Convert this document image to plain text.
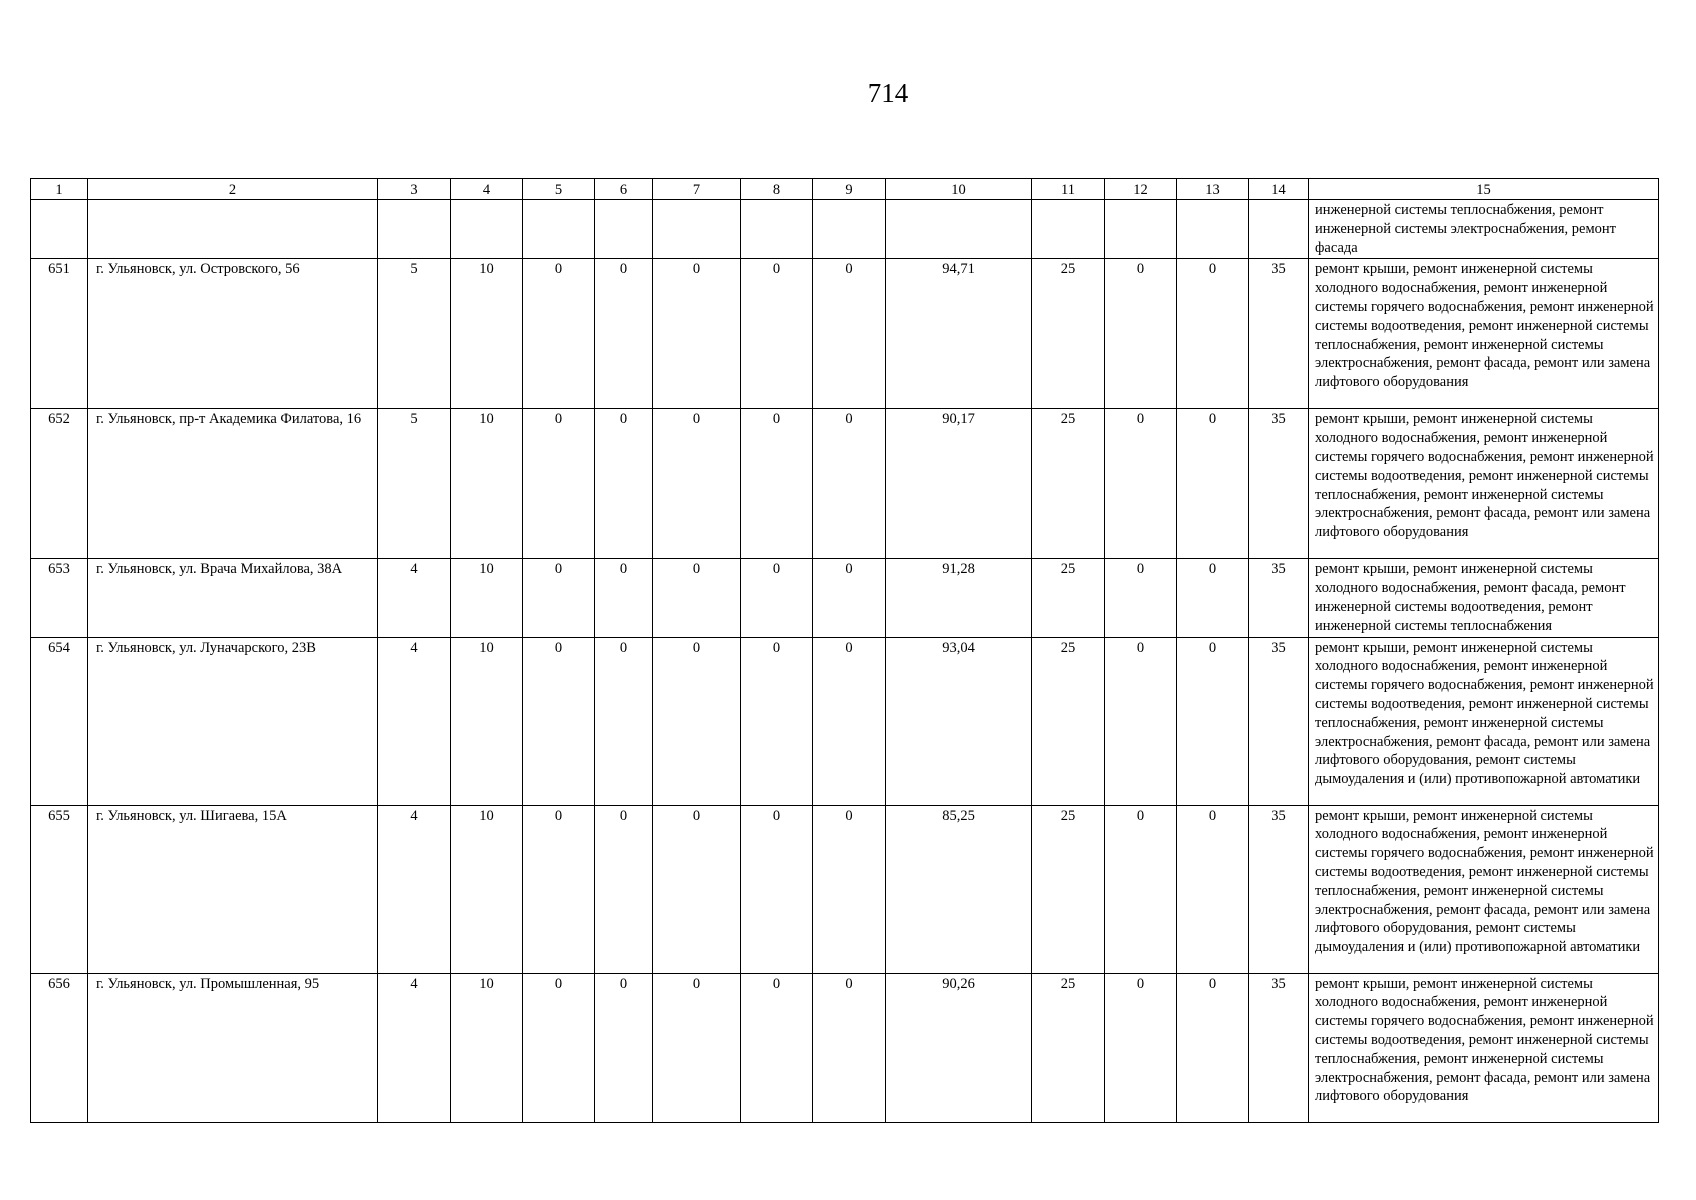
714
1	2	3	4	5	6	7	8	9	10	11	12	13	14	15
														инженерной системы теплоснабжения, ремонт инженерной системы электроснабжения, ремонт фасада
651	г. Ульяновск, ул. Островского, 56	5	10	0	0	0	0	0	94,71	25	0	0	35	ремонт крыши, ремонт инженерной системы холодного водоснабжения, ремонт инженерной системы горячего водоснабжения, ремонт инженерной системы водоотведения, ремонт инженерной системы теплоснабжения, ремонт инженерной системы электроснабжения, ремонт фасада, ремонт или замена лифтового оборудования
652	г. Ульяновск, пр-т Академика Филатова, 16	5	10	0	0	0	0	0	90,17	25	0	0	35	ремонт крыши, ремонт инженерной системы холодного водоснабжения, ремонт инженерной системы горячего водоснабжения, ремонт инженерной системы водоотведения, ремонт инженерной системы теплоснабжения, ремонт инженерной системы электроснабжения, ремонт фасада, ремонт или замена лифтового оборудования
653	г. Ульяновск, ул. Врача Михайлова, 38А	4	10	0	0	0	0	0	91,28	25	0	0	35	ремонт крыши, ремонт инженерной системы холодного водоснабжения, ремонт фасада, ремонт инженерной системы водоотведения, ремонт инженерной системы теплоснабжения
654	г. Ульяновск, ул. Луначарского, 23В	4	10	0	0	0	0	0	93,04	25	0	0	35	ремонт крыши, ремонт инженерной системы холодного водоснабжения, ремонт инженерной системы горячего водоснабжения, ремонт инженерной системы водоотведения, ремонт инженерной системы теплоснабжения, ремонт инженерной системы электроснабжения, ремонт фасада, ремонт или замена лифтового оборудования, ремонт системы дымоудаления и (или) противопожарной автоматики
655	г. Ульяновск, ул. Шигаева, 15А	4	10	0	0	0	0	0	85,25	25	0	0	35	ремонт крыши, ремонт инженерной системы холодного водоснабжения, ремонт инженерной системы горячего водоснабжения, ремонт инженерной системы водоотведения, ремонт инженерной системы теплоснабжения, ремонт инженерной системы электроснабжения, ремонт фасада, ремонт или замена лифтового оборудования, ремонт системы дымоудаления и (или) противопожарной автоматики
656	г. Ульяновск, ул. Промышленная, 95	4	10	0	0	0	0	0	90,26	25	0	0	35	ремонт крыши, ремонт инженерной системы холодного водоснабжения, ремонт инженерной системы горячего водоснабжения, ремонт инженерной системы водоотведения, ремонт инженерной системы теплоснабжения, ремонт инженерной системы электроснабжения, ремонт фасада, ремонт или замена лифтового оборудования
